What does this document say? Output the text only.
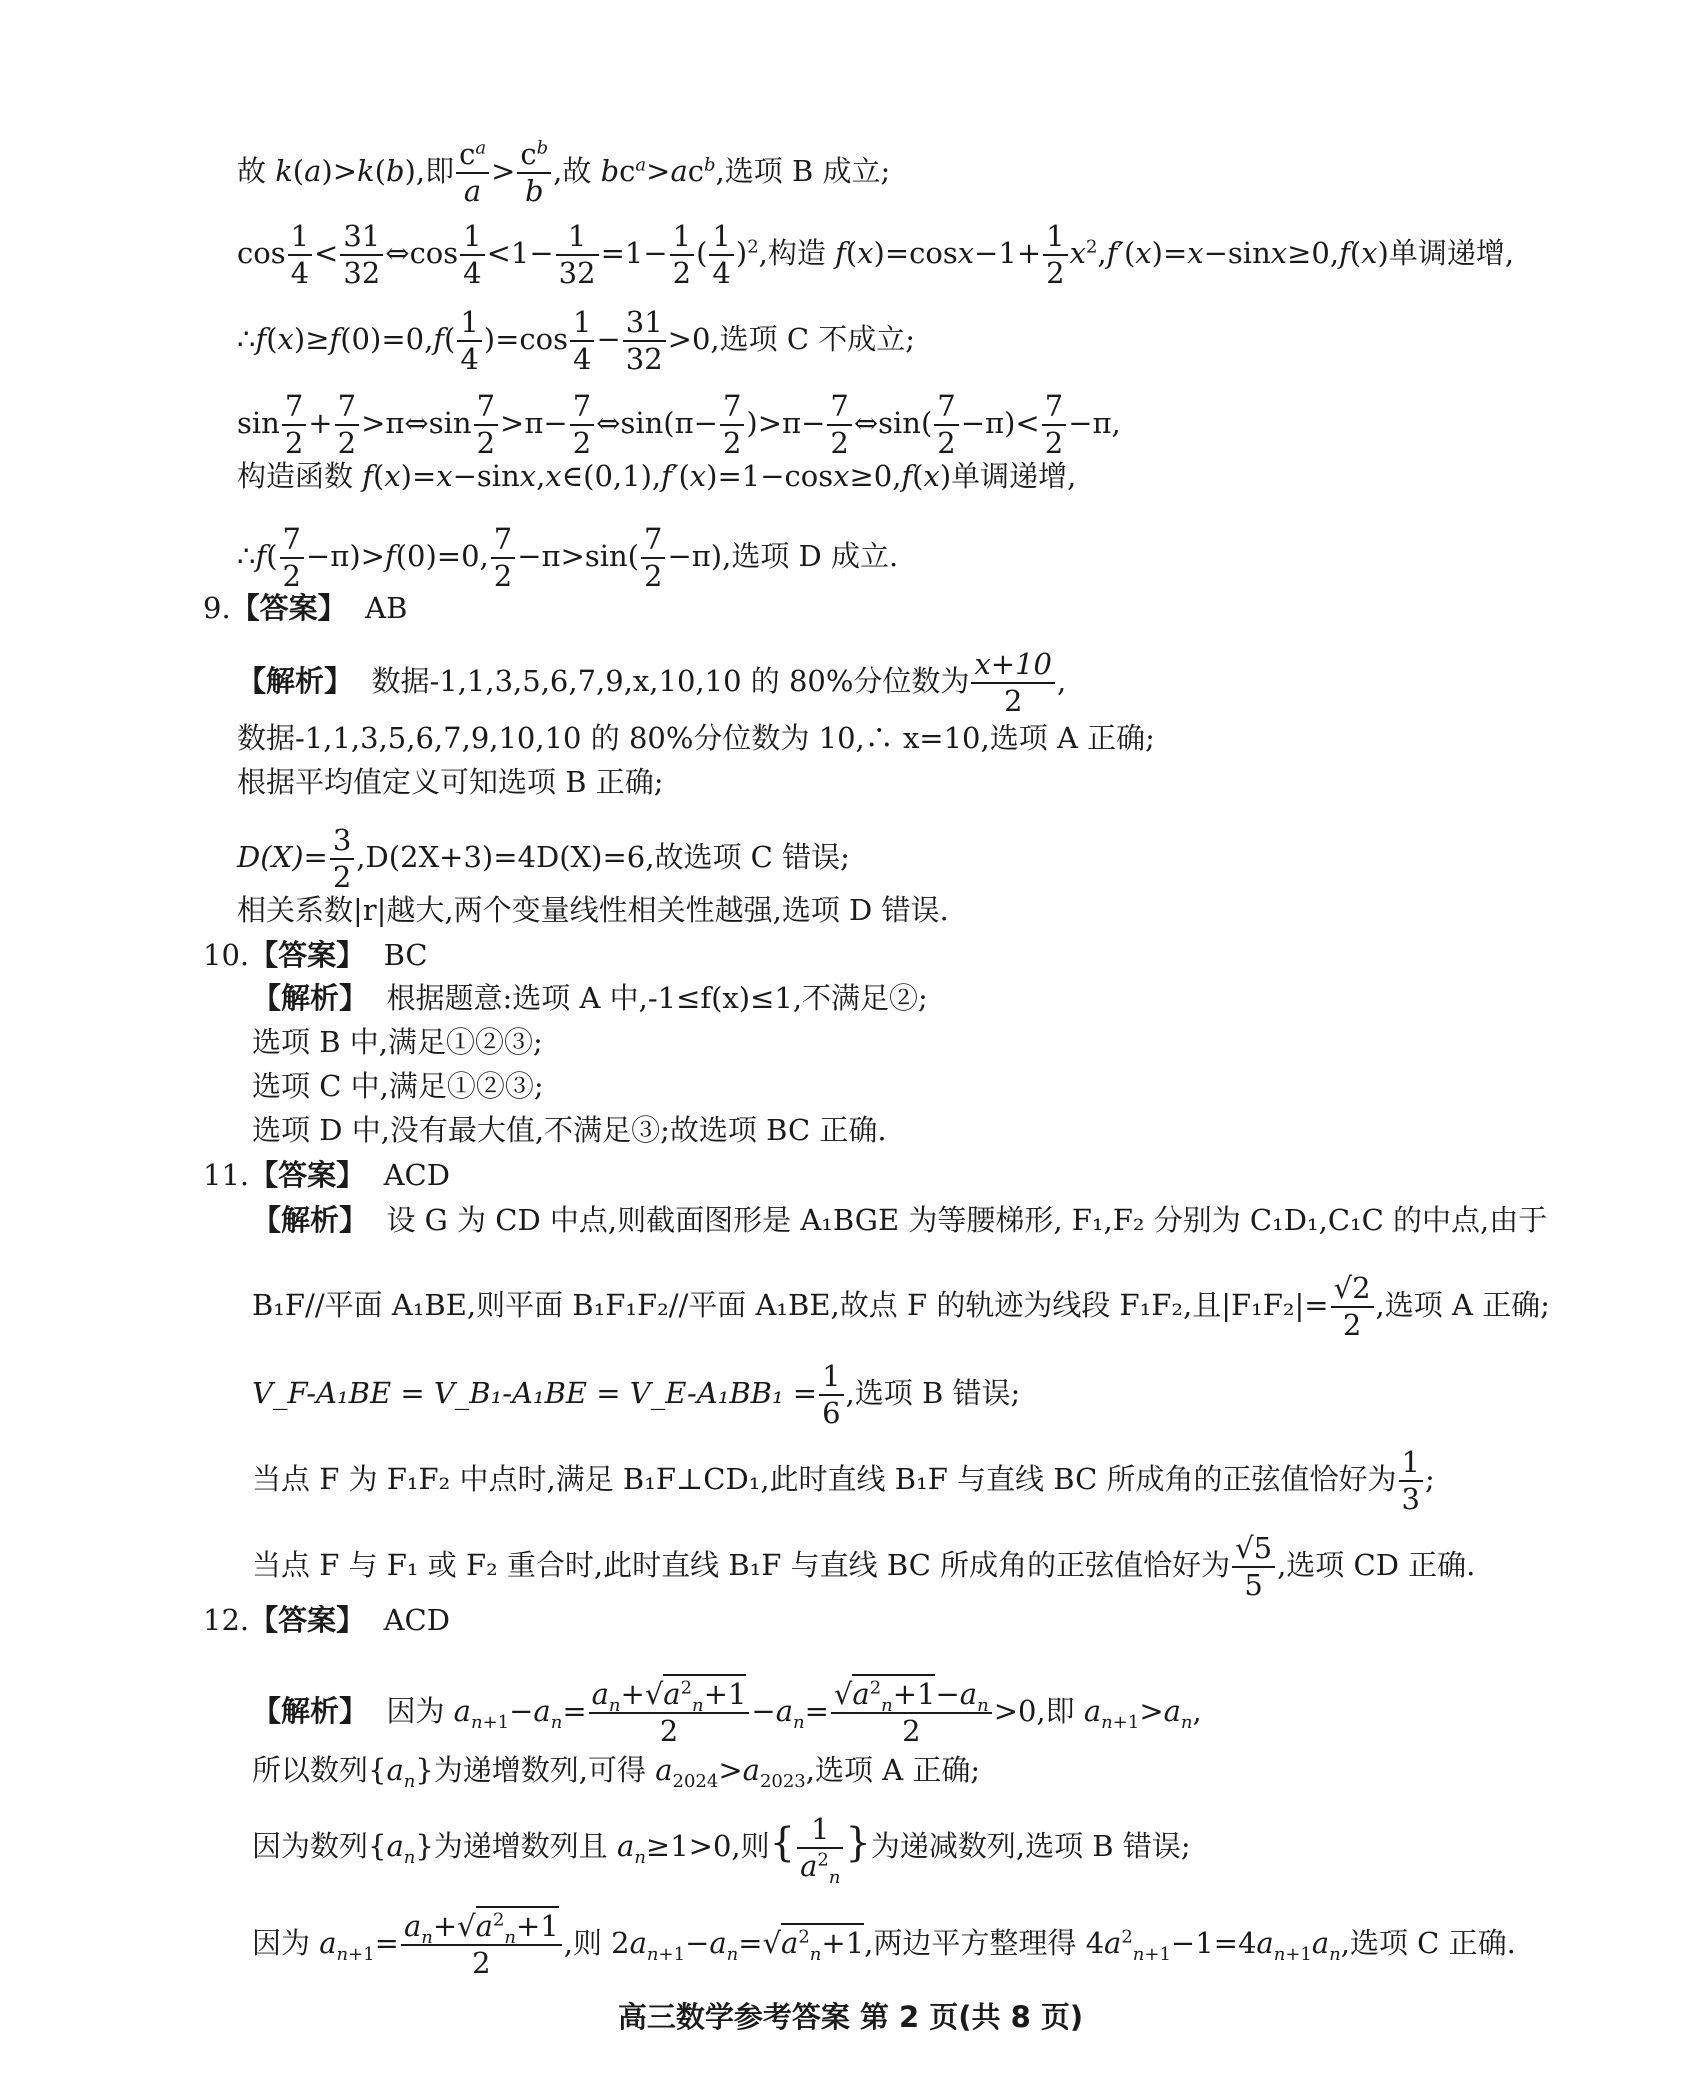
故 k(a)>k(b),即 $\frac{c^a}{a} > \frac{c^b}{b}$ ,故 $bc^a>ac^b$,选项 B 成立;
$\cos \frac{1}{4} < \frac{31}{32}$ ⇔cos $\frac{1}{4} <1- \frac{1}{32} =1- \frac{1}{2}$ ( $\frac{1}{4} )^2$,构造 $f(x)=\cos x-1+ \frac{1}{2} x^2,f'(x)=x-\sin x\ge 0,f(x)$单调递增,
∴f(x)≥f(0)=0,f( $\frac{1}{4} )=\cos \frac{1}{4} - \frac{31}{32} >0$,选项 C 不成立;
$\sin \frac{7}{2} + \frac{7}{2}$ >π⇔sin $\frac{7}{2} >\pi- \frac{7}{2}$ ⇔sin(π− $\frac{7}{2} )>\pi- \frac{7}{2}$ ⇔sin( $\frac{7}{2} -\pi)< \frac{7}{2} -\pi$,
构造函数 f(x)=x−sinx,x∈(0,1),f′(x)=1−cosx≥0,f(x)单调递增,
∴f( $\frac{7}{2} -\pi)>f(0)=0$, $\frac{7}{2} -\pi>\sin( \frac{7}{2} -\pi)$,选项 D 成立.
9.【答案】 AB
【解析】 数据-1,1,3,5,6,7,9,x,10,10 的 80%分位数为 $\frac{x+10}{2}$ ,
数据-1,1,3,5,6,7,9,10,10 的 80%分位数为 10,∴ x=10,选项 A 正确;
根据平均值定义可知选项 B 正确;
$D(X)= \frac{3}{2} ,D(2X+3)=4D(X)=6$,故选项 C 错误;
相关系数|r|越大,两个变量线性相关性越强,选项 D 错误.
10.【答案】 BC
【解析】 根据题意:选项 A 中,-1≤f(x)≤1,不满足②;
选项 B 中,满足①②③;
选项 C 中,满足①②③;
选项 D 中,没有最大值,不满足③;故选项 BC 正确.
11.【答案】 ACD
【解析】 设 G 为 CD 中点,则截面图形是 A₁BGE 为等腰梯形, F₁,F₂ 分别为 C₁D₁,C₁C 的中点,由于
B₁F//平面 A₁BE,则平面 B₁F₁F₂//平面 A₁BE,故点 F 的轨迹为线段 F₁F₂,且$|F_1F_2|= \frac{√2}{2}$ ,选项 A 正确;
V_F-A₁BE = V_B₁-A₁BE = V_E-A₁BB₁ = $\frac{1}{6}$ ,选项 B 错误;
当点 F 为 F₁F₂ 中点时,满足 B₁F⊥CD₁,此时直线 B₁F 与直线 BC 所成角的正弦值恰好为 $\frac{1}{3}$ ;
当点 F 与 F₁ 或 F₂ 重合时,此时直线 B₁F 与直线 BC 所成角的正弦值恰好为 $\frac{√5}{5}$ ,选项 CD 正确.
12.【答案】 ACD
【解析】  因为 $a_{n+1}-a_n= \frac{a_n+√a^2_n+1}{2} -a_n= \frac{√a^2_n+1-a_n}{2} >0$,即 $a_{n+1}>a_n$,
所以数列$\{a_n\}$为递增数列,可得 $a_{2024}>a_{2023}$,选项 A 正确;
因为数列$\{a_n\}$为递增数列且 $a_n\ge 1>0$,则{ $\frac{1}{a^2_n}$ }为递减数列,选项 B 错误;
因为 $a_{n+1}= \frac{a_n+√a^2_n+1}{2}$ ,则 $2a_{n+1}-a_n=√a^2_n+1$,两边平方整理得 $4a^2_{n+1}-1=4a_{n+1}a_n$,选项 C 正确.
高三数学参考答案 第 2 页(共 8 页)
